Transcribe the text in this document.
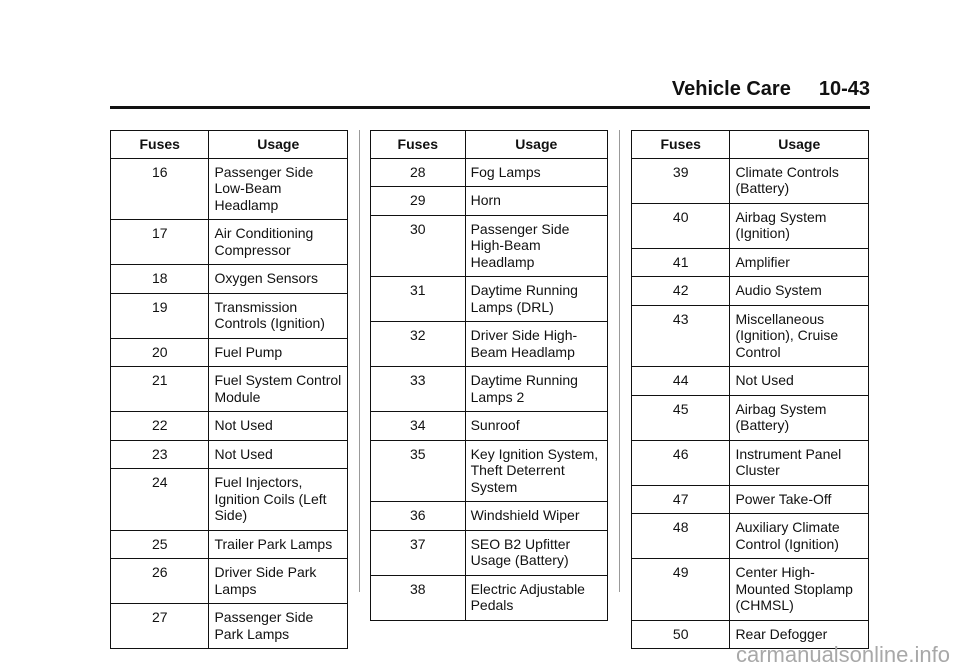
Vehicle Care 10-43
Fuses	Usage
16	Passenger Side Low-Beam Headlamp
17	Air Conditioning Compressor
18	Oxygen Sensors
19	Transmission Controls (Ignition)
20	Fuel Pump
21	Fuel System Control Module
22	Not Used
23	Not Used
24	Fuel Injectors, Ignition Coils (Left Side)
25	Trailer Park Lamps
26	Driver Side Park Lamps
27	Passenger Side Park Lamps
Fuses	Usage
28	Fog Lamps
29	Horn
30	Passenger Side High-Beam Headlamp
31	Daytime Running Lamps (DRL)
32	Driver Side High-Beam Headlamp
33	Daytime Running Lamps 2
34	Sunroof
35	Key Ignition System, Theft Deterrent System
36	Windshield Wiper
37	SEO B2 Upfitter Usage (Battery)
38	Electric Adjustable Pedals
Fuses	Usage
39	Climate Controls (Battery)
40	Airbag System (Ignition)
41	Amplifier
42	Audio System
43	Miscellaneous (Ignition), Cruise Control
44	Not Used
45	Airbag System (Battery)
46	Instrument Panel Cluster
47	Power Take-Off
48	Auxiliary Climate Control (Ignition)
49	Center High-Mounted Stoplamp (CHMSL)
50	Rear Defogger
carmanualsonline.info
